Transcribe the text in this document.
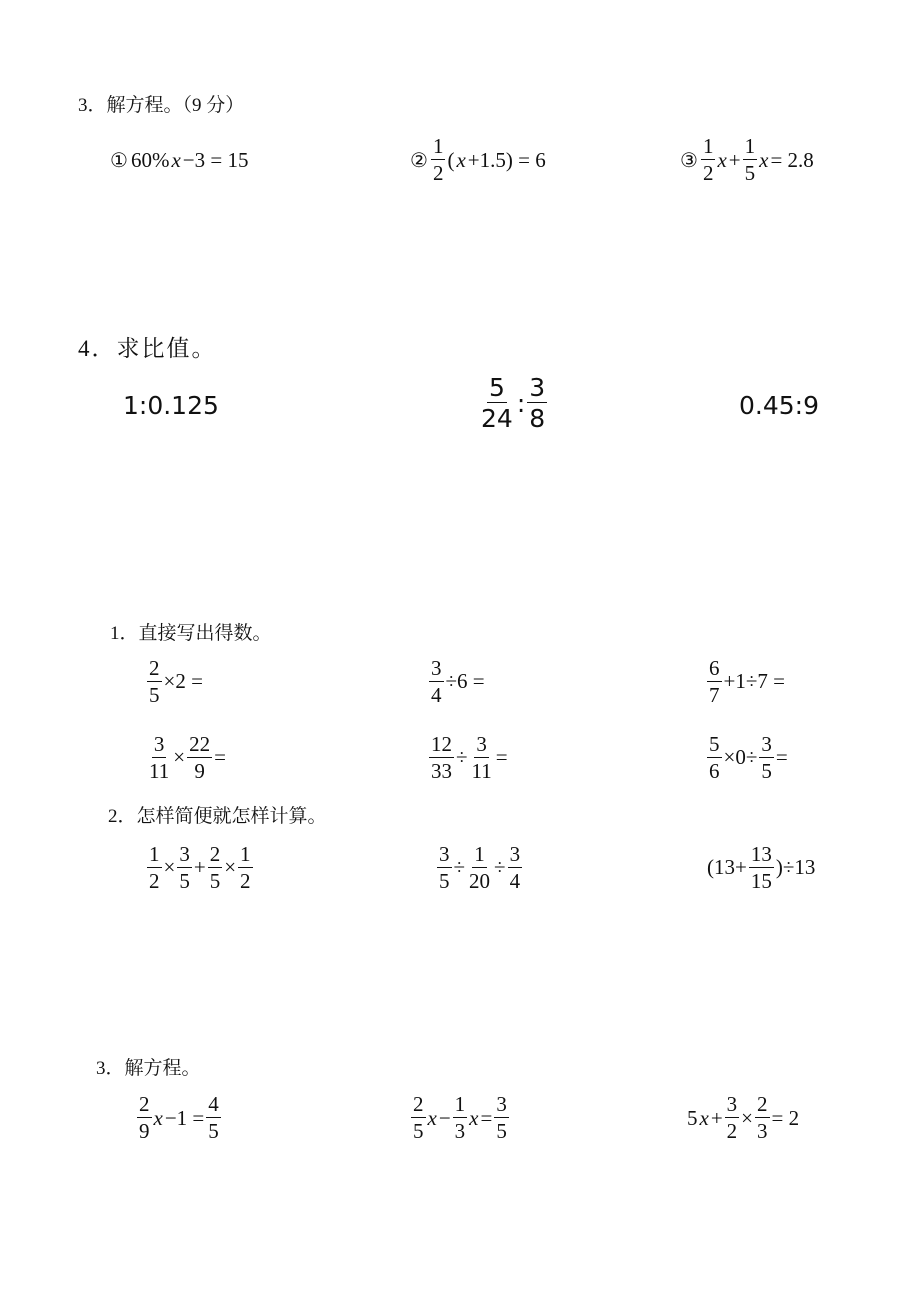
3．解方程。（9 分）
① 60% x −3 = 15	② $\frac{1}{2}$ ( x +1.5) = 6	③ $\frac{1}{2}$ $x + \frac{1}{5}$ x = 2.8
4．求比值。
1:0.125	$\frac{5}{24}$ : $\frac{3}{8}$	0.45:9
1．直接写出得数。
$\frac{2}{5} \times 2$ =	$\frac{3}{4} \div 6$ =	$\frac{6}{7} +1\div 7$ =
$\frac{3}{11} \times \frac{22}{9}$ =	$\frac{12}{33} \div \frac{3}{11}$ =	$\frac{5}{6} \times 0\div \frac{3}{5}$ =
2．怎样简便就怎样计算。
$\frac{1}{2} \times \frac{3}{5} + \frac{2}{5} \times \frac{1}{2}$	$\frac{3}{5} \div \frac{1}{20} \div \frac{3}{4}$	$(13+ \frac{13}{15} )\div 13$
3．解方程。
$\frac{2}{9}$ $x -1 = \frac{4}{5}$	$\frac{2}{5}$ $x - \frac{1}{3}$ $x = \frac{3}{5}$	5 $x + \frac{3}{2} \times \frac{2}{3} = 2$
